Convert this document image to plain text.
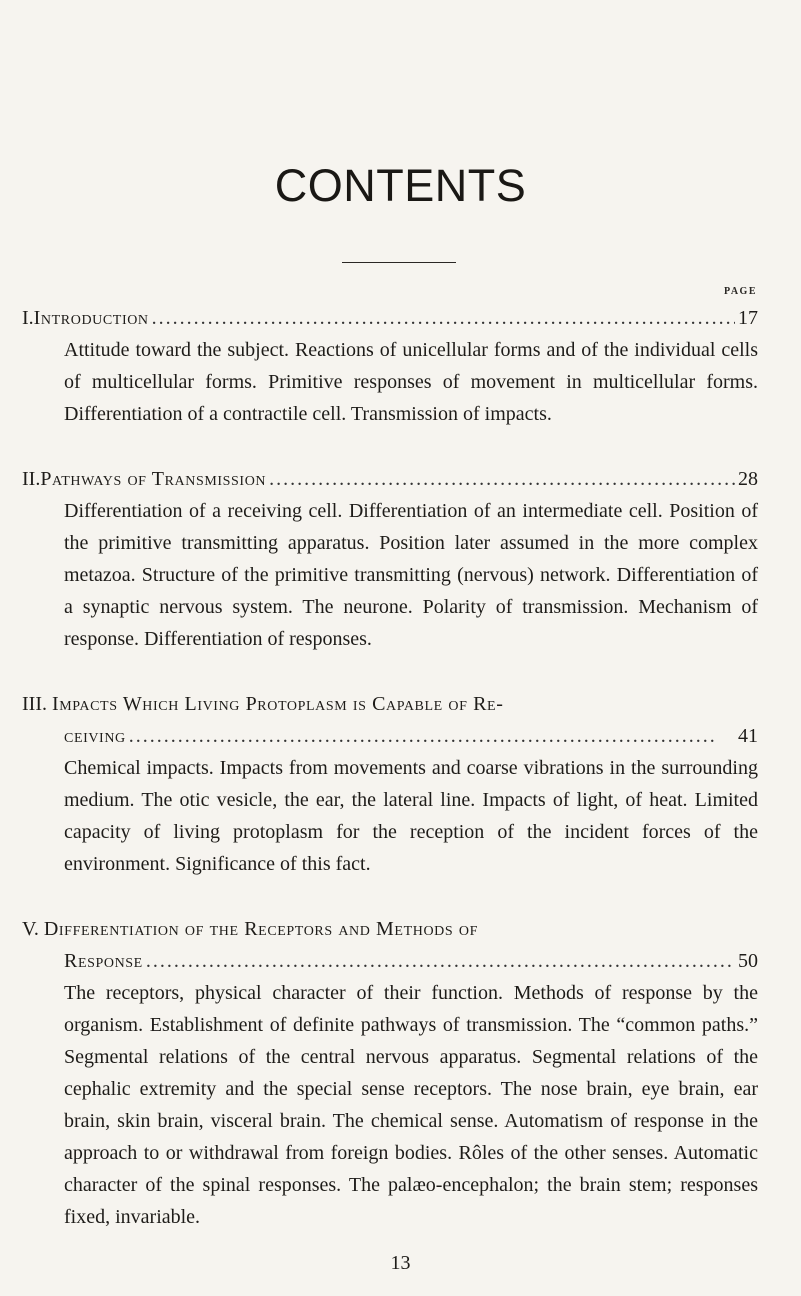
CONTENTS
PAGE
I. Introduction . . .	17

Attitude toward the subject. Reactions of unicellular forms and of the individual cells of multicellular forms. Primitive responses of movement in multicellular forms. Differentiation of a contractile cell. Transmission of impacts.

II. Pathways of Transmission . . .	28

Differentiation of a receiving cell. Differentiation of an intermediate cell. Position of the primitive transmitting apparatus. Position later assumed in the more complex metazoa. Structure of the primitive transmitting (nervous) network. Differentiation of a synaptic nervous system. The neurone. Polarity of transmission. Mechanism of response. Differentiation of responses.

III. Impacts Which Living Protoplasm is Capable of Re-
ceiving . . .	41

Chemical impacts. Impacts from movements and coarse vibrations in the surrounding medium. The otic vesicle, the ear, the lateral line. Impacts of light, of heat. Limited capacity of living protoplasm for the reception of the incident forces of the environment. Significance of this fact.

V. Differentiation of the Receptors and Methods of
Response . . .	50

The receptors, physical character of their function. Methods of response by the organism. Establishment of definite pathways of transmission. The “common paths.” Segmental relations of the central nervous apparatus. Segmental relations of the cephalic extremity and the special sense receptors. The nose brain, eye brain, ear brain, skin brain, visceral brain. The chemical sense. Automatism of response in the approach to or withdrawal from foreign bodies. Rôles of the other senses. Automatic character of the spinal responses. The palæo-encephalon; the brain stem; responses fixed, invariable.

13
